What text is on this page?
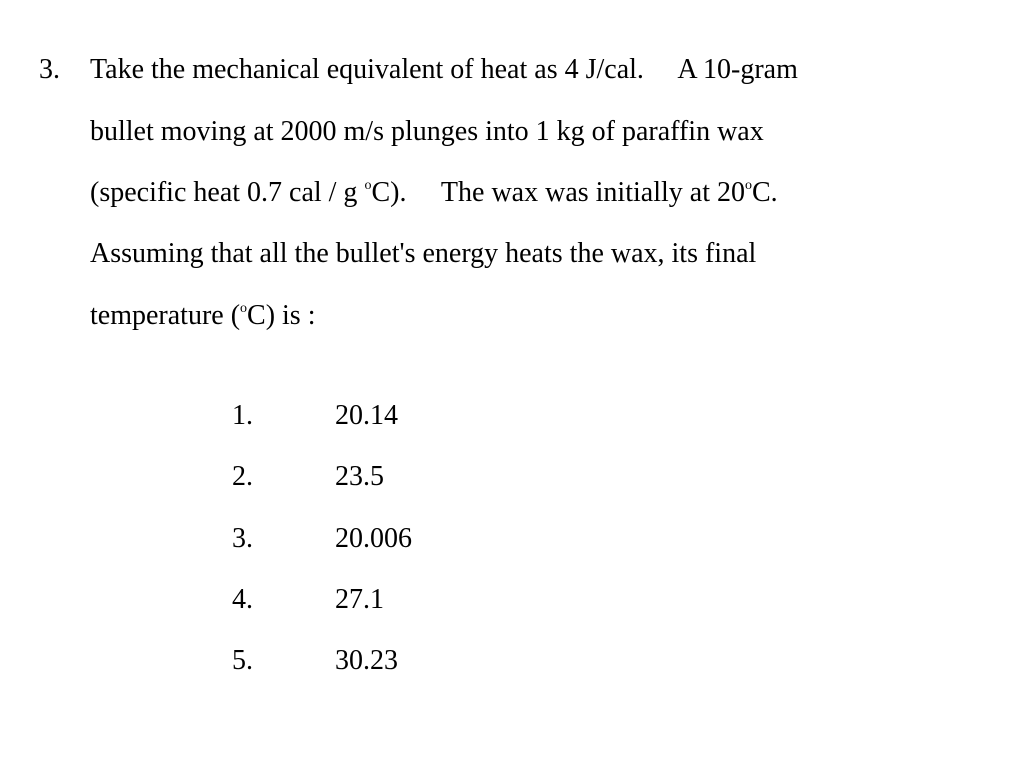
3. Take the mechanical equivalent of heat as 4 J/cal.     A 10-gram
bullet moving at 2000 m/s plunges into 1 kg of paraffin wax
(specific heat 0.7 cal / g $^o$C).     The wax was initially at 20$^o$C.
Assuming that all the bullet's energy heats the wax, its final
temperature ($^o$C) is :
1.	20.14
2.	23.5
3.	20.006
4.	27.1
5.	30.23
